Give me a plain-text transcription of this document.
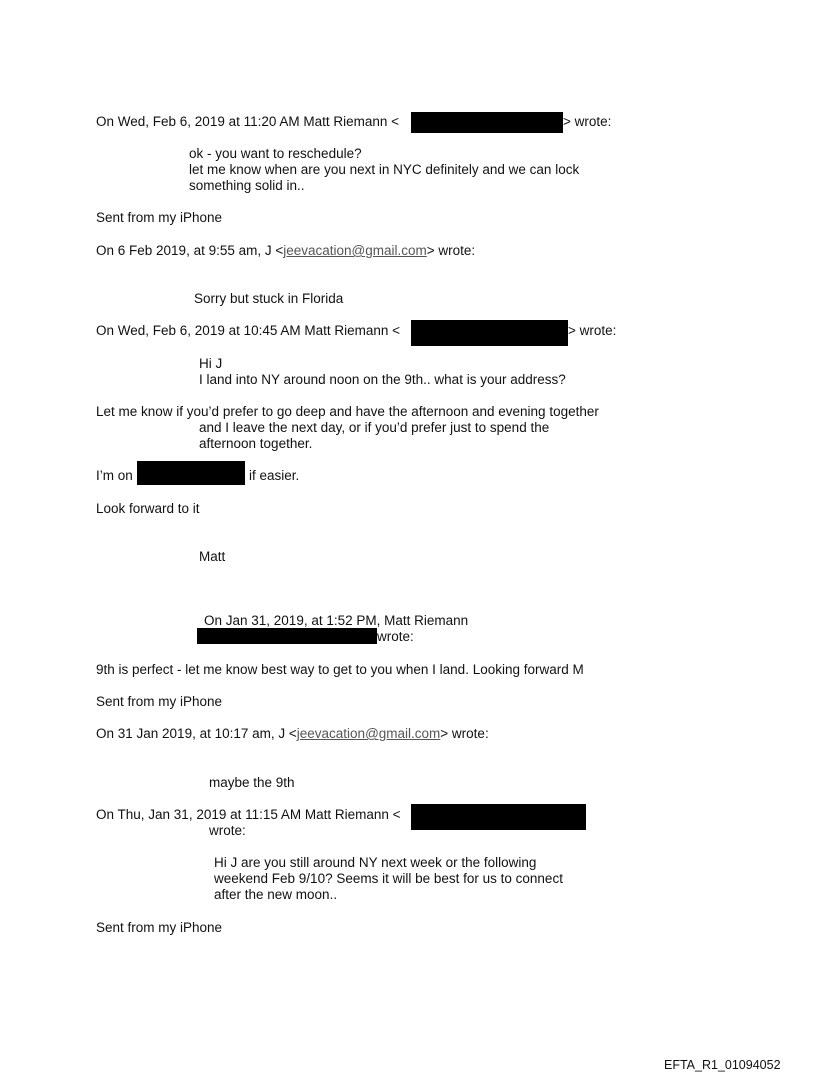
On Wed, Feb 6, 2019 at 11:20 AM Matt Riemann <	> wrote:
ok - you want to reschedule?
let me know when are you next in NYC definitely and we can lock
something solid in..
Sent from my iPhone
On 6 Feb 2019, at 9:55 am, J <jeevacation@gmail.com> wrote:
Sorry but stuck in Florida
On Wed, Feb 6, 2019 at 10:45 AM Matt Riemann <	> wrote:
Hi J
I land into NY around noon on the 9th.. what is your address?
Let me know if you’d prefer to go deep and have the afternoon and evening together
and I leave the next day, or if you’d prefer just to spend the
afternoon together.
I’m on	if easier.
Look forward to it
Matt
On Jan 31, 2019, at 1:52 PM, Matt Riemann
wrote:
9th is perfect - let me know best way to get to you when I land. Looking forward M
Sent from my iPhone
On 31 Jan 2019, at 10:17 am, J <jeevacation@gmail.com> wrote:
maybe the 9th
On Thu, Jan 31, 2019 at 11:15 AM Matt Riemann <
wrote:
Hi J are you still around NY next week or the following
weekend Feb 9/10? Seems it will be best for us to connect
after the new moon..
Sent from my iPhone
EFTA_R1_01094052
